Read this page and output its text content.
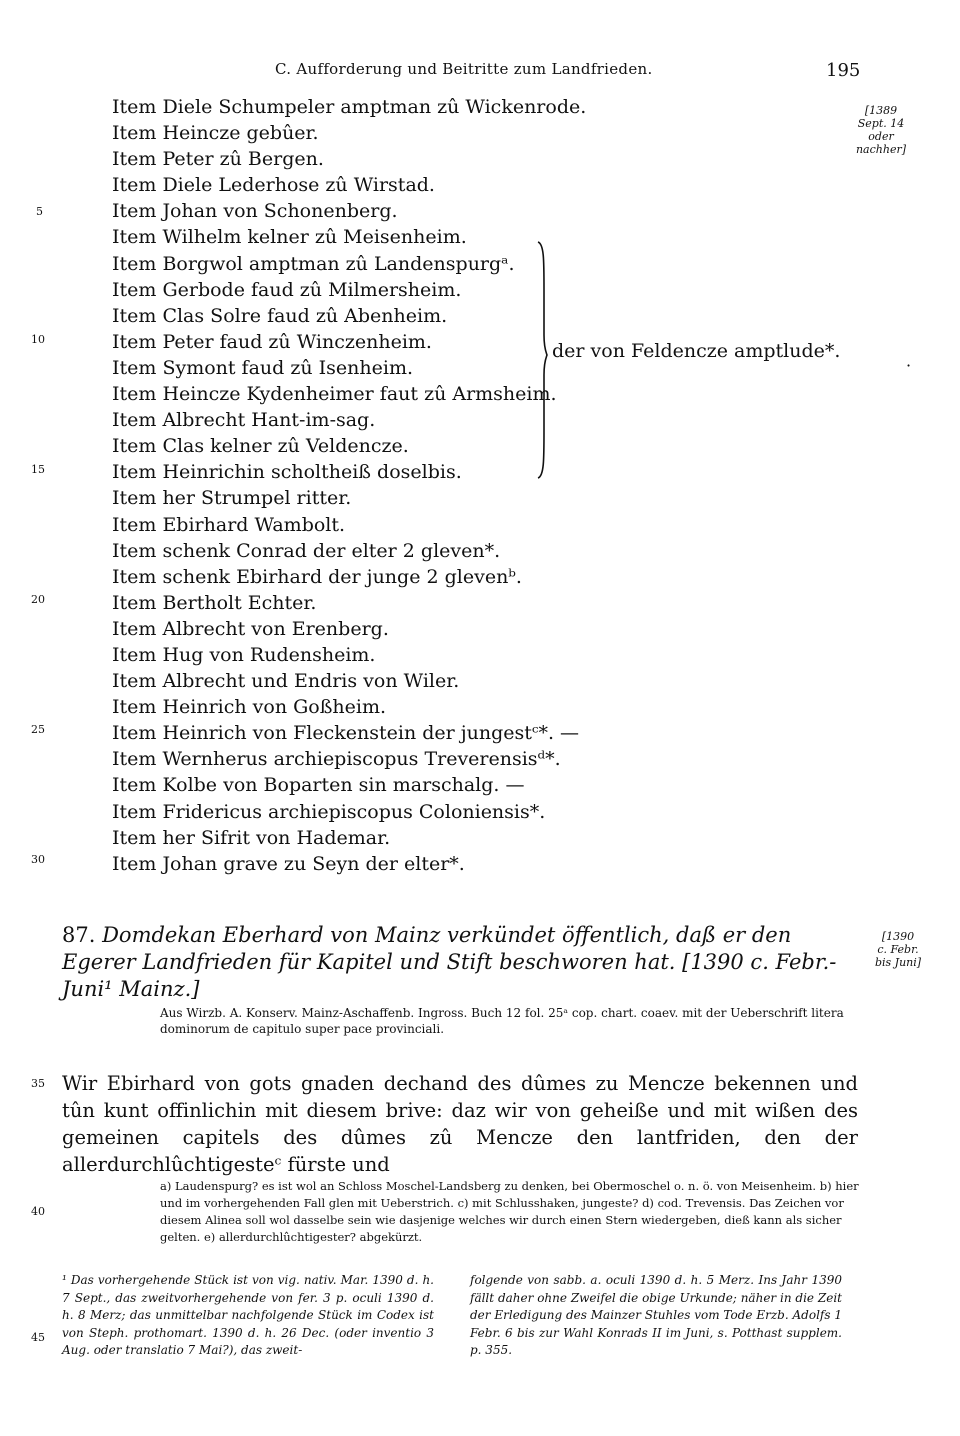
C. Aufforderung und Beitritte zum Landfrieden.	195
[1389
Sept. 14
oder
nachher]
5
10
15
20
25
30
35
40
45
Item Diele Schumpeler amptman zû Wickenrode.
Item Heincze gebûer.
Item Peter zû Bergen.
Item Diele Lederhose zû Wirstad.
Item Johan von Schonenberg.
Item Wilhelm kelner zû Meisenheim.
Item Borgwol amptman zû Landenspurgᵃ.
Item Gerbode faud zû Milmersheim.
Item Clas Solre faud zû Abenheim.
Item Peter faud zû Winczenheim.
Item Symont faud zû Isenheim.
Item Heincze Kydenheimer faut zû Armsheim.
Item Albrecht Hant-im-sag.
Item Clas kelner zû Veldencze.
Item Heinrichin scholtheiß doselbis.
Item her Strumpel ritter.
Item Ebirhard Wambolt.
Item schenk Conrad der elter 2 gleven*.
Item schenk Ebirhard der junge 2 glevenᵇ.
Item Bertholt Echter.
Item Albrecht von Erenberg.
Item Hug von Rudensheim.
Item Albrecht und Endris von Wiler.
Item Heinrich von Goßheim.
Item Heinrich von Fleckenstein der jungestᶜ*. —
Item Wernherus archiepiscopus Treverensisᵈ*.
Item Kolbe von Boparten sin marschalg. —
Item Fridericus archiepiscopus Coloniensis*.
Item her Sifrit von Hademar.
Item Johan grave zu Seyn der elter*.
der von Feldencze amptlude*.
·
87. Domdekan Eberhard von Mainz verkündet öffentlich, daß er den Egerer Landfrieden für Kapitel und Stift beschworen hat. [1390 c. Febr.-Juni¹ Mainz.]
[1390
c. Febr.
bis Juni]
Aus Wirzb. A. Konserv. Mainz-Aschaffenb. Ingross. Buch 12 fol. 25ᵃ cop. chart. coaev. mit der Ueberschrift litera dominorum de capitulo super pace provinciali.
Wir Ebirhard von gots gnaden dechand des dûmes zu Mencze bekennen und tûn kunt offinlichin mit diesem brive: daz wir von geheiße und mit wißen des gemeinen capitels des dûmes zû Mencze den lantfriden, den der allerdurchlûchtigesteᶜ fürste und
a) Laudenspurg? es ist wol an Schloss Moschel-Landsberg zu denken, bei Obermoschel o. n. ö. von Meisenheim. b) hier und im vorhergehenden Fall glen mit Ueberstrich. c) mit Schlusshaken, jungeste? d) cod. Trevensis. Das Zeichen vor diesem Alinea soll wol dasselbe sein wie dasjenige welches wir durch einen Stern wiedergeben, dieß kann als sicher gelten. e) allerdurchlûchtigester? abgekürzt.
¹ Das vorhergehende Stück ist von vig. nativ. Mar. 1390 d. h. 7 Sept., das zweitvorhergehende von fer. 3 p. oculi 1390 d. h. 8 Merz; das unmittelbar nachfolgende Stück im Codex ist von Steph. prothomart. 1390 d. h. 26 Dec. (oder inventio 3 Aug. oder translatio 7 Mai?), das zweit-
folgende von sabb. a. oculi 1390 d. h. 5 Merz. Ins Jahr 1390 fällt daher ohne Zweifel die obige Urkunde; näher in die Zeit der Erledigung des Mainzer Stuhles vom Tode Erzb. Adolfs 1 Febr. 6 bis zur Wahl Konrads II im Juni, s. Potthast supplem. p. 355.
